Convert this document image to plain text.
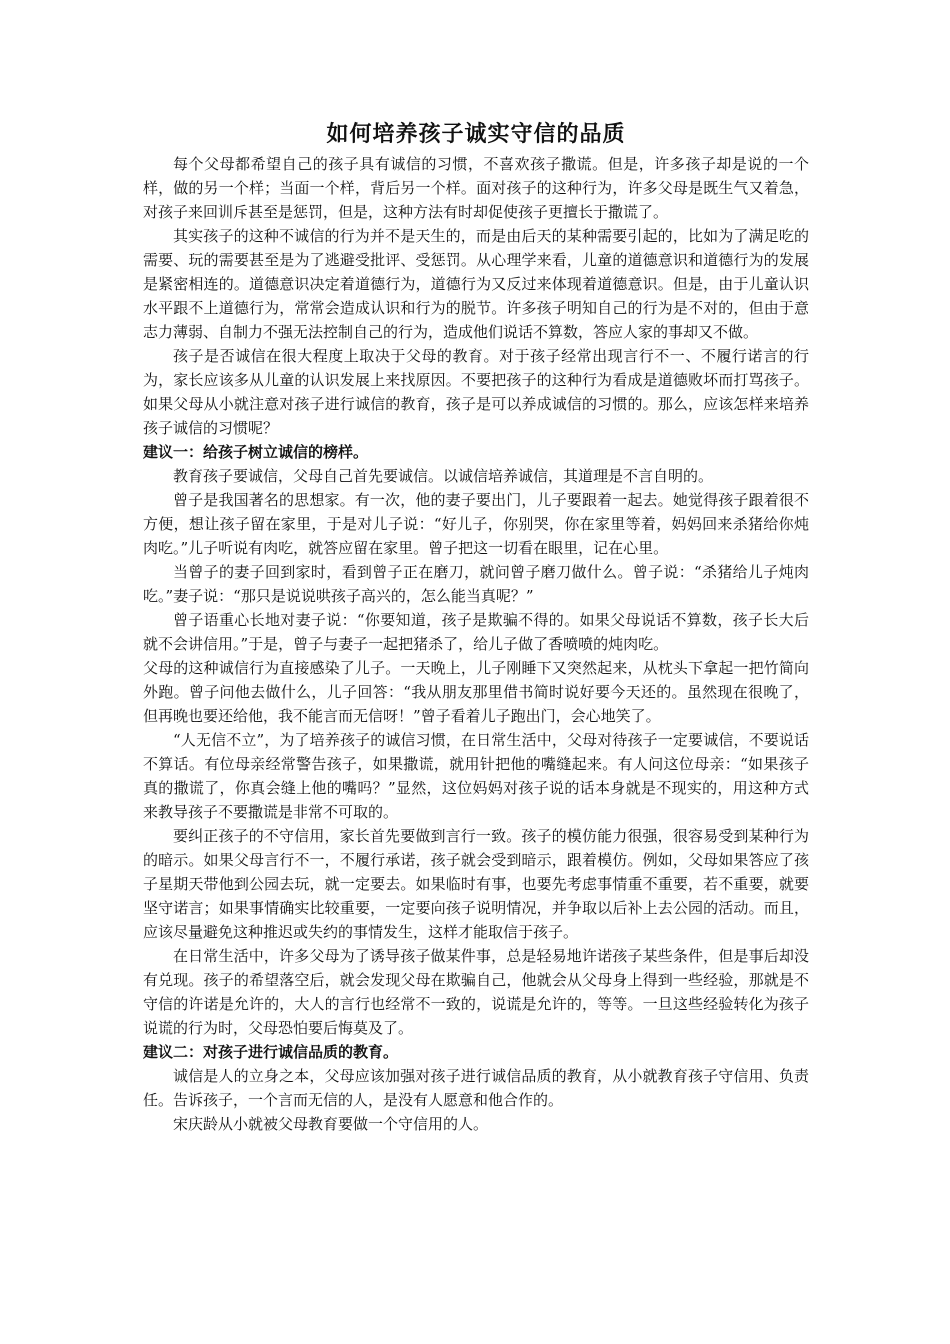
如何培养孩子诚实守信的品质

每个父母都希望自己的孩子具有诚信的习惯，不喜欢孩子撒谎。但是，许多孩子却是说的一个样，做的另一个样；当面一个样，背后另一个样。面对孩子的这种行为，许多父母是既生气又着急，对孩子来回训斥甚至是惩罚，但是，这种方法有时却促使孩子更擅长于撒谎了。

其实孩子的这种不诚信的行为并不是天生的，而是由后天的某种需要引起的，比如为了满足吃的需要、玩的需要甚至是为了逃避受批评、受惩罚。从心理学来看，儿童的道德意识和道德行为的发展是紧密相连的。道德意识决定着道德行为，道德行为又反过来体现着道德意识。但是，由于儿童认识水平跟不上道德行为，常常会造成认识和行为的脱节。许多孩子明知自己的行为是不对的，但由于意志力薄弱、自制力不强无法控制自己的行为，造成他们说话不算数，答应人家的事却又不做。

孩子是否诚信在很大程度上取决于父母的教育。对于孩子经常出现言行不一、不履行诺言的行为，家长应该多从儿童的认识发展上来找原因。不要把孩子的这种行为看成是道德败坏而打骂孩子。如果父母从小就注意对孩子进行诚信的教育，孩子是可以养成诚信的习惯的。那么，应该怎样来培养孩子诚信的习惯呢？

建议一：给孩子树立诚信的榜样。

教育孩子要诚信，父母自己首先要诚信。以诚信培养诚信，其道理是不言自明的。

曾子是我国著名的思想家。有一次，他的妻子要出门，儿子要跟着一起去。她觉得孩子跟着很不方便，想让孩子留在家里，于是对儿子说：“好儿子，你别哭，你在家里等着，妈妈回来杀猪给你炖肉吃。”儿子听说有肉吃，就答应留在家里。曾子把这一切看在眼里，记在心里。

当曾子的妻子回到家时，看到曾子正在磨刀，就问曾子磨刀做什么。曾子说：“杀猪给儿子炖肉吃。”妻子说：“那只是说说哄孩子高兴的，怎么能当真呢？”

曾子语重心长地对妻子说：“你要知道，孩子是欺骗不得的。如果父母说话不算数，孩子长大后就不会讲信用。”于是，曾子与妻子一起把猪杀了，给儿子做了香喷喷的炖肉吃。

父母的这种诚信行为直接感染了儿子。一天晚上，儿子刚睡下又突然起来，从枕头下拿起一把竹简向外跑。曾子问他去做什么，儿子回答：“我从朋友那里借书简时说好要今天还的。虽然现在很晚了，但再晚也要还给他，我不能言而无信呀！”曾子看着儿子跑出门，会心地笑了。

“人无信不立”，为了培养孩子的诚信习惯，在日常生活中，父母对待孩子一定要诚信，不要说话不算话。有位母亲经常警告孩子，如果撒谎，就用针把他的嘴缝起来。有人问这位母亲：“如果孩子真的撒谎了，你真会缝上他的嘴吗？”显然，这位妈妈对孩子说的话本身就是不现实的，用这种方式来教导孩子不要撒谎是非常不可取的。

要纠正孩子的不守信用，家长首先要做到言行一致。孩子的模仿能力很强，很容易受到某种行为的暗示。如果父母言行不一，不履行承诺，孩子就会受到暗示，跟着模仿。例如，父母如果答应了孩子星期天带他到公园去玩，就一定要去。如果临时有事，也要先考虑事情重不重要，若不重要，就要坚守诺言；如果事情确实比较重要，一定要向孩子说明情况，并争取以后补上去公园的活动。而且，应该尽量避免这种推迟或失约的事情发生，这样才能取信于孩子。

在日常生活中，许多父母为了诱导孩子做某件事，总是轻易地许诺孩子某些条件，但是事后却没有兑现。孩子的希望落空后，就会发现父母在欺骗自己，他就会从父母身上得到一些经验，那就是不守信的许诺是允许的，大人的言行也经常不一致的，说谎是允许的，等等。一旦这些经验转化为孩子说谎的行为时，父母恐怕要后悔莫及了。

建议二：对孩子进行诚信品质的教育。

诚信是人的立身之本，父母应该加强对孩子进行诚信品质的教育，从小就教育孩子守信用、负责任。告诉孩子，一个言而无信的人，是没有人愿意和他合作的。

宋庆龄从小就被父母教育要做一个守信用的人。
